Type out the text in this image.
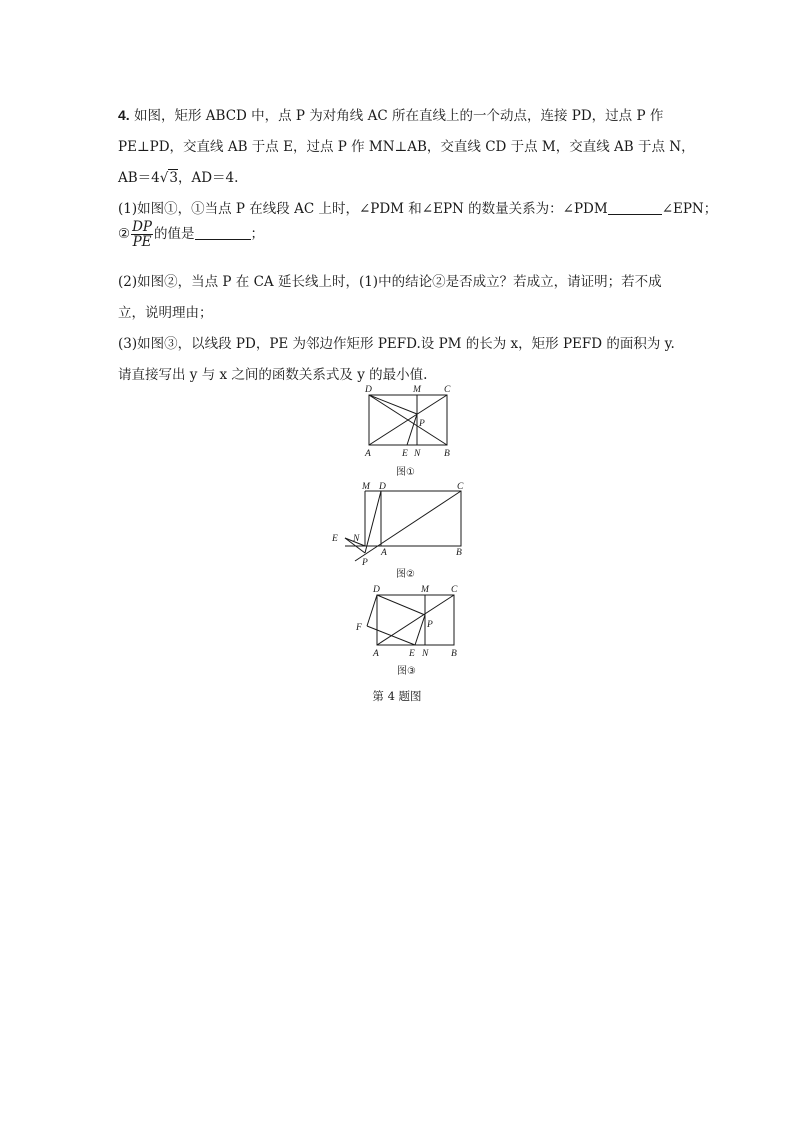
4. 如图，矩形 ABCD 中，点 P 为对角线 AC 所在直线上的一个动点，连接 PD，过点 P 作
PE⊥PD，交直线 AB 于点 E，过点 P 作 MN⊥AB，交直线 CD 于点 M，交直线 AB 于点 N，
AB＝4√3，AD＝4.
(1)如图①，①当点 P 在线段 AC 上时，∠PDM 和∠EPN 的数量关系为：∠PDM	∠EPN；
② $\frac{DP}{PE}$ 的值是	；
(2)如图②，当点 P 在 CA 延长线上时，(1)中的结论②是否成立？若成立，请证明；若不成
立，说明理由；
(3)如图③，以线段 PD，PE 为邻边作矩形 PEFD.设 PM 的长为 x，矩形 PEFD 的面积为 y.
请直接写出 y 与 x 之间的函数关系式及 y 的最小值.
D	M C
P
A	E N B
图①
M D	C
E N
A	B
P
图②
D	M C
F	P
A	E N B
图③
第 4 题图
